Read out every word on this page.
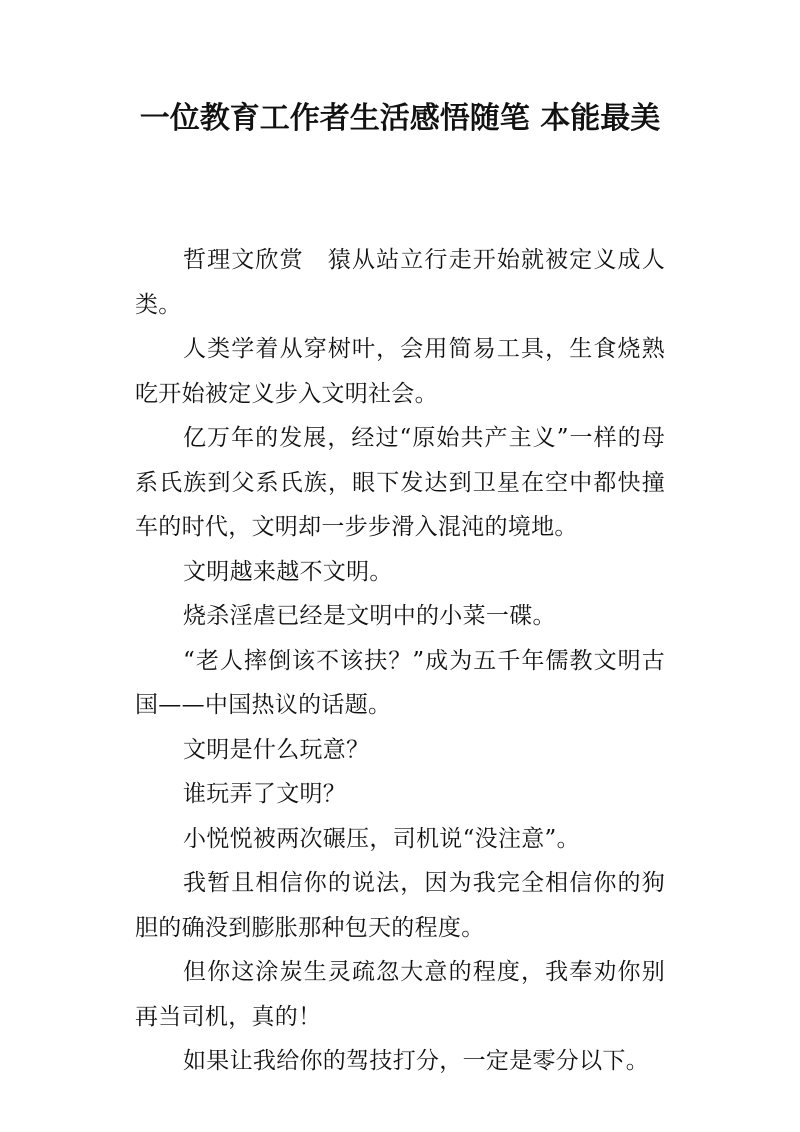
一位教育工作者生活感悟随笔 本能最美

哲理文欣赏　猿从站立行走开始就被定义成人类。

人类学着从穿树叶，会用简易工具，生食烧熟吃开始被定义步入文明社会。

亿万年的发展，经过“原始共产主义”一样的母系氏族到父系氏族，眼下发达到卫星在空中都快撞车的时代，文明却一步步滑入混沌的境地。

文明越来越不文明。

烧杀淫虐已经是文明中的小菜一碟。

“老人摔倒该不该扶？”成为五千年儒教文明古国——中国热议的话题。

文明是什么玩意？

谁玩弄了文明？

小悦悦被两次碾压，司机说“没注意”。

我暂且相信你的说法，因为我完全相信你的狗胆的确没到膨胀那种包天的程度。

但你这涂炭生灵疏忽大意的程度，我奉劝你别再当司机，真的！

如果让我给你的驾技打分，一定是零分以下。
